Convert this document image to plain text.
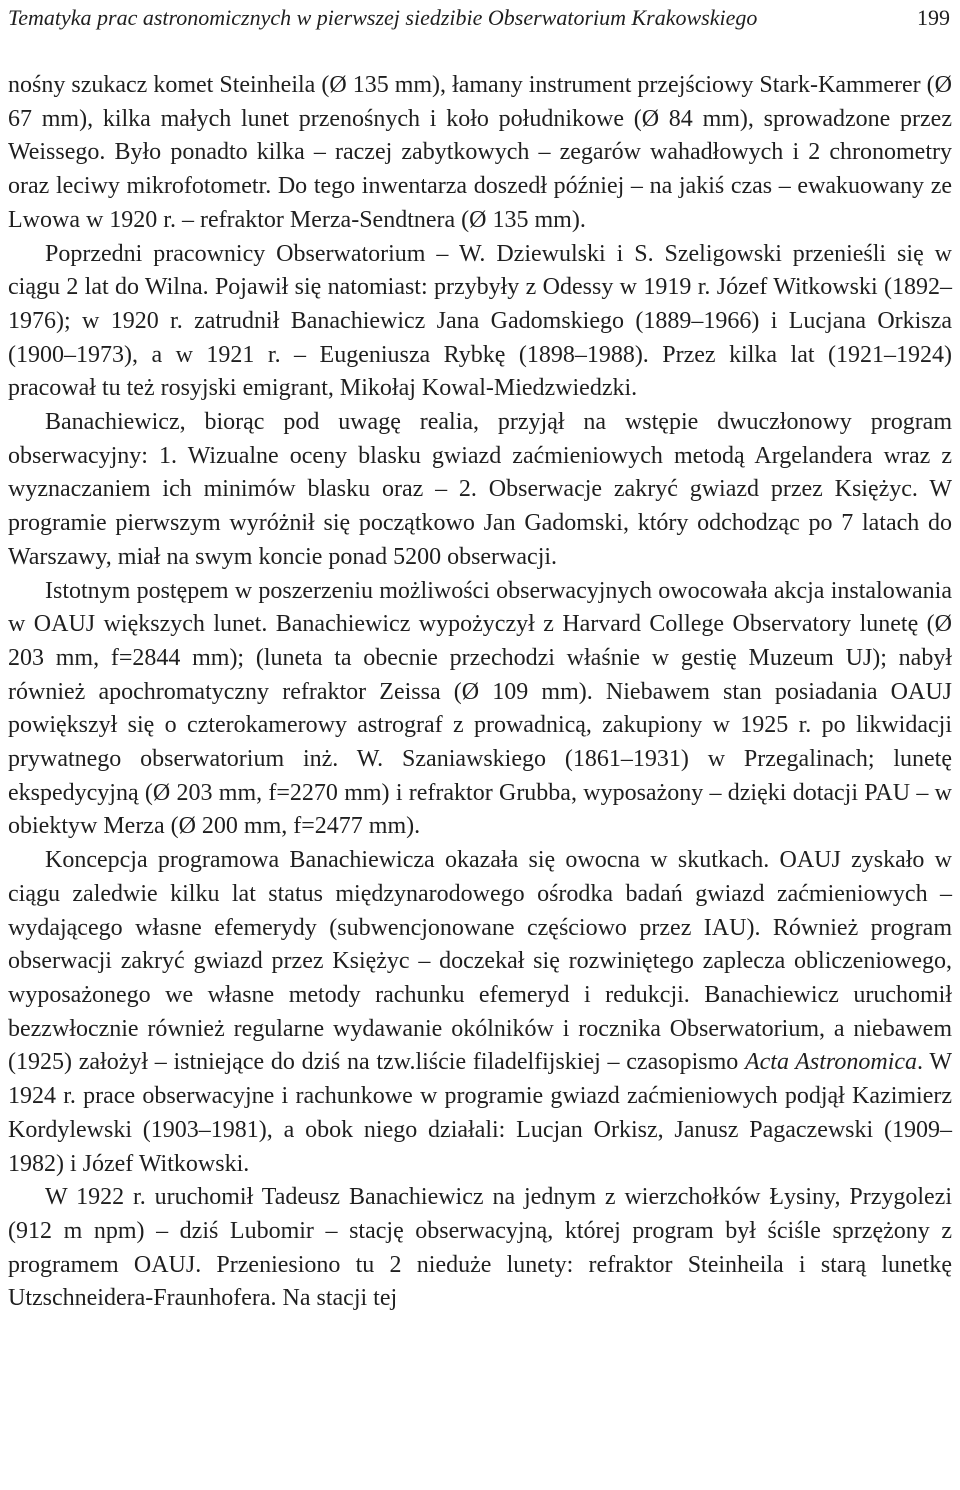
Tematyka prac astronomicznych w pierwszej siedzibie Obserwatorium Krakowskiego	199

nośny szukacz komet Steinheila (Ø 135 mm), łamany instrument przejściowy Stark-Kammerer (Ø 67 mm), kilka małych lunet przenośnych i koło południkowe (Ø 84 mm), sprowadzone przez Weissego. Było ponadto kilka – raczej zabytkowych – zegarów wahadłowych i 2 chronometry oraz leciwy mikrofotometr. Do tego inwentarza doszedł później – na jakiś czas – ewakuowany ze Lwowa w 1920 r. – refraktor Merza-Sendtnera (Ø 135 mm).

Poprzedni pracownicy Obserwatorium – W. Dziewulski i S. Szeligowski przenieśli się w ciągu 2 lat do Wilna. Pojawił się natomiast: przybyły z Odessy w 1919 r. Józef Witkowski (1892–1976); w 1920 r. zatrudnił Banachiewicz Jana Gadomskiego (1889–1966) i Lucjana Orkisza (1900–1973), a w 1921 r. – Eugeniusza Rybkę (1898–1988). Przez kilka lat (1921–1924) pracował tu też rosyjski emigrant, Mikołaj Kowal-Miedzwiedzki.

Banachiewicz, biorąc pod uwagę realia, przyjął na wstępie dwuczłonowy program obserwacyjny: 1. Wizualne oceny blasku gwiazd zaćmieniowych metodą Argelandera wraz z wyznaczaniem ich minimów blasku oraz – 2. Obserwacje zakryć gwiazd przez Księżyc. W programie pierwszym wyróżnił się początkowo Jan Gadomski, który odchodząc po 7 latach do Warszawy, miał na swym koncie ponad 5200 obserwacji.

Istotnym postępem w poszerzeniu możliwości obserwacyjnych owocowała akcja instalowania w OAUJ większych lunet. Banachiewicz wypożyczył z Harvard College Observatory lunetę (Ø 203 mm, f=2844 mm); (luneta ta obecnie przechodzi właśnie w gestię Muzeum UJ); nabył również apochromatyczny refraktor Zeissa (Ø 109 mm). Niebawem stan posiadania OAUJ powiększył się o czterokamerowy astrograf z prowadnicą, zakupiony w 1925 r. po likwidacji prywatnego obserwatorium inż. W. Szaniawskiego (1861–1931) w Przegalinach; lunetę ekspedycyjną (Ø 203 mm, f=2270 mm) i refraktor Grubba, wyposażony – dzięki dotacji PAU – w obiektyw Merza (Ø 200 mm, f=2477 mm).

Koncepcja programowa Banachiewicza okazała się owocna w skutkach. OAUJ zyskało w ciągu zaledwie kilku lat status międzynarodowego ośrodka badań gwiazd zaćmieniowych – wydającego własne efemerydy (subwencjonowane częściowo przez IAU). Również program obserwacji zakryć gwiazd przez Księżyc – doczekał się rozwiniętego zaplecza obliczeniowego, wyposażonego we własne metody rachunku efemeryd i redukcji. Banachiewicz uruchomił bezzwłocznie również regularne wydawanie okólników i rocznika Obserwatorium, a niebawem (1925) założył – istniejące do dziś na tzw.liście filadelfijskiej – czasopismo Acta Astronomica. W 1924 r. prace obserwacyjne i rachunkowe w programie gwiazd zaćmieniowych podjął Kazimierz Kordylewski (1903–1981), a obok niego działali: Lucjan Orkisz, Janusz Pagaczewski (1909–1982) i Józef Witkowski.

W 1922 r. uruchomił Tadeusz Banachiewicz na jednym z wierzchołków Łysiny, Przygolezi (912 m npm) – dziś Lubomir – stację obserwacyjną, której program był ściśle sprzężony z programem OAUJ. Przeniesiono tu 2 nieduże lunety: refraktor Steinheila i starą lunetkę Utzschneidera-Fraunhofera. Na stacji tej
